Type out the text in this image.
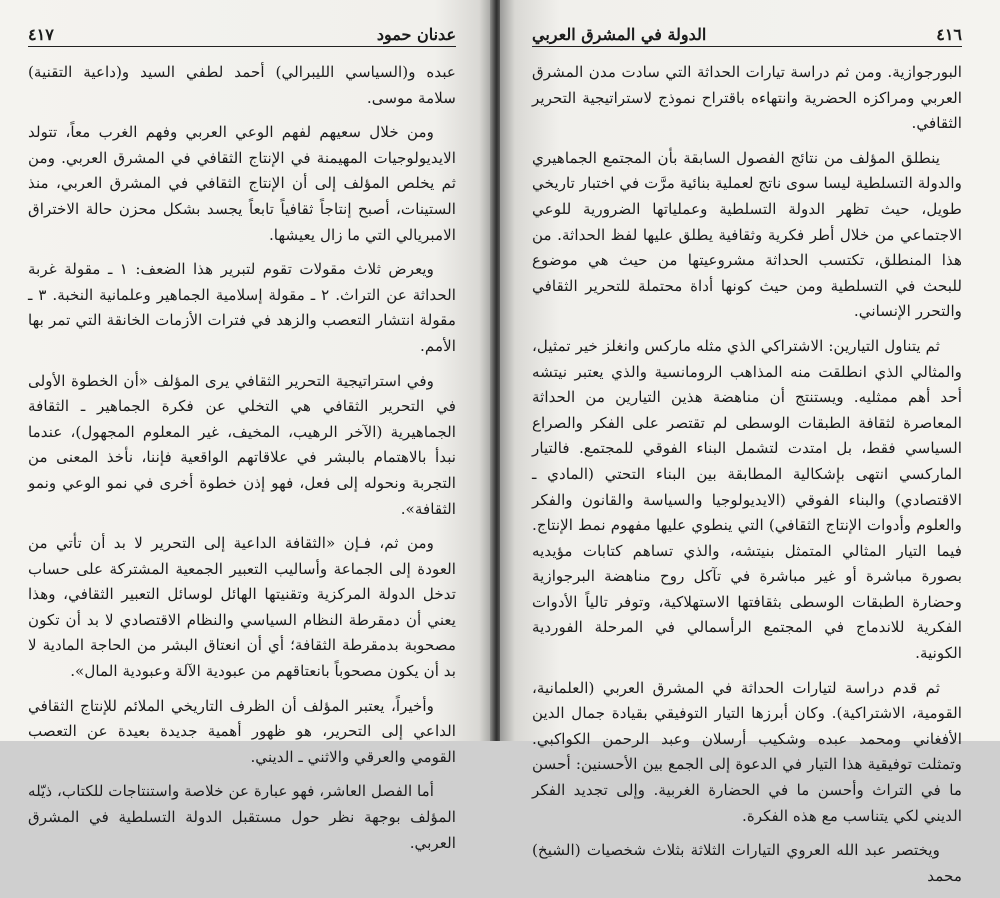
٤١٧	عدنان حمود

عبده و(السياسي الليبرالي) أحمد لطفي السيد و(داعية التقنية) سلامة موسى.

ومن خلال سعيهم لفهم الوعي العربي وفهم الغرب معاً، تتولد الايديولوجيات المهيمنة في الإنتاج الثقافي في المشرق العربي. ومن ثم يخلص المؤلف إلى أن الإنتاج الثقافي في المشرق العربي، منذ الستينات، أصبح إنتاجاً ثقافياً تابعاً يجسد بشكل محزن حالة الاختراق الامبريالي التي ما زال يعيشها.

ويعرض ثلاث مقولات تقوم لتبرير هذا الضعف: ١ ـ مقولة غربة الحداثة عن التراث. ٢ ـ مقولة إسلامية الجماهير وعلمانية النخبة. ٣ ـ مقولة انتشار التعصب والزهد في فترات الأزمات الخانقة التي تمر بها الأمم.

وفي استراتيجية التحرير الثقافي يرى المؤلف «أن الخطوة الأولى في التحرير الثقافي هي التخلي عن فكرة الجماهير ـ الثقافة الجماهيرية (الآخر الرهيب، المخيف، غير المعلوم المجهول)، عندما نبدأ بالاهتمام بالبشر في علاقاتهم الواقعية فإننا، نأخذ المعنى من التجربة ونحوله إلى فعل، فهو إذن خطوة أخرى في نمو الوعي ونمو الثقافة».

ومن ثم، فـإن «الثقافة الداعية إلى التحرير لا بد أن تأتي من العودة إلى الجماعة وأساليب التعبير الجمعية المشتركة على حساب تدخل الدولة المركزية وتقنيتها الهائل لوسائل التعبير الثقافي، وهذا يعني أن دمقرطة النظام السياسي والنظام الاقتصادي لا بد أن تكون مصحوبة بدمقرطة الثقافة؛ أي أن انعتاق البشر من الحاجة المادية لا بد أن يكون مصحوباً بانعتاقهم من عبودية الآلة وعبودية المال».

وأخيراً، يعتبر المؤلف أن الظرف التاريخي الملائم للإنتاج الثقافي الداعي إلى التحرير، هو ظهور أهمية جديدة بعيدة عن التعصب القومي والعرقي والاثني ـ الديني.

أما الفصل العاشر، فهو عبارة عن خلاصة واستنتاجات للكتاب، ذيّله المؤلف بوجهة نظر حول مستقبل الدولة التسلطية في المشرق العربي.

الدولة في المشرق العربي	٤١٦

البورجوازية. ومن ثم دراسة تيارات الحداثة التي سادت مدن المشرق العربي ومراكزه الحضرية وانتهاءه باقتراح نموذج لاستراتيجية التحرير الثقافي.

ينطلق المؤلف من نتائج الفصول السابقة بأن المجتمع الجماهيري والدولة التسلطية ليسا سوى ناتج لعملية بنائية مرَّت في اختبار تاريخي طويل، حيث تظهر الدولة التسلطية وعملياتها الضرورية للوعي الاجتماعي من خلال أطر فكرية وثقافية يطلق عليها لفظ الحداثة. من هذا المنطلق، تكتسب الحداثة مشروعيتها من حيث هي موضوع للبحث في التسلطية ومن حيث كونها أداة محتملة للتحرير الثقافي والتحرر الإنساني.

ثم يتناول التيارين: الاشتراكي الذي مثله ماركس وانغلز خير تمثيل، والمثالي الذي انطلقت منه المذاهب الرومانسية والذي يعتبر نيتشه أحد أهم ممثليه. ويستنتج أن مناهضة هذين التيارين من الحداثة المعاصرة لثقافة الطبقات الوسطى لم تقتصر على الفكر والصراع السياسي فقط، بل امتدت لتشمل البناء الفوقي للمجتمع. فالتيار الماركسي انتهى بإشكالية المطابقة بين البناء التحتي (المادي ـ الاقتصادي) والبناء الفوقي (الايديولوجيا والسياسة والقانون والفكر والعلوم وأدوات الإنتاج الثقافي) التي ينطوي عليها مفهوم نمط الإنتاج. فيما التيار المثالي المتمثل بنيتشه، والذي تساهم كتابات مؤيديه بصورة مباشرة أو غير مباشرة في تآكل روح مناهضة البرجوازية وحضارة الطبقات الوسطى بثقافتها الاستهلاكية، وتوفر تالياً الأدوات الفكرية للاندماج في المجتمع الرأسمالي في المرحلة الفوردية الكونية.

ثم قدم دراسة لتيارات الحداثة في المشرق العربي (العلمانية، القومية، الاشتراكية). وكان أبرزها التيار التوفيقي بقيادة جمال الدين الأفغاني ومحمد عبده وشكيب أرسلان وعبد الرحمن الكواكبي. وتمثلت توفيقية هذا التيار في الدعوة إلى الجمع بين الأحسنين: أحسن ما في التراث وأحسن ما في الحضارة الغربية. وإلى تجديد الفكر الديني لكي يتناسب مع هذه الفكرة.

ويختصر عبد الله العروي التيارات الثلاثة بثلاث شخصيات (الشيخ) محمد
